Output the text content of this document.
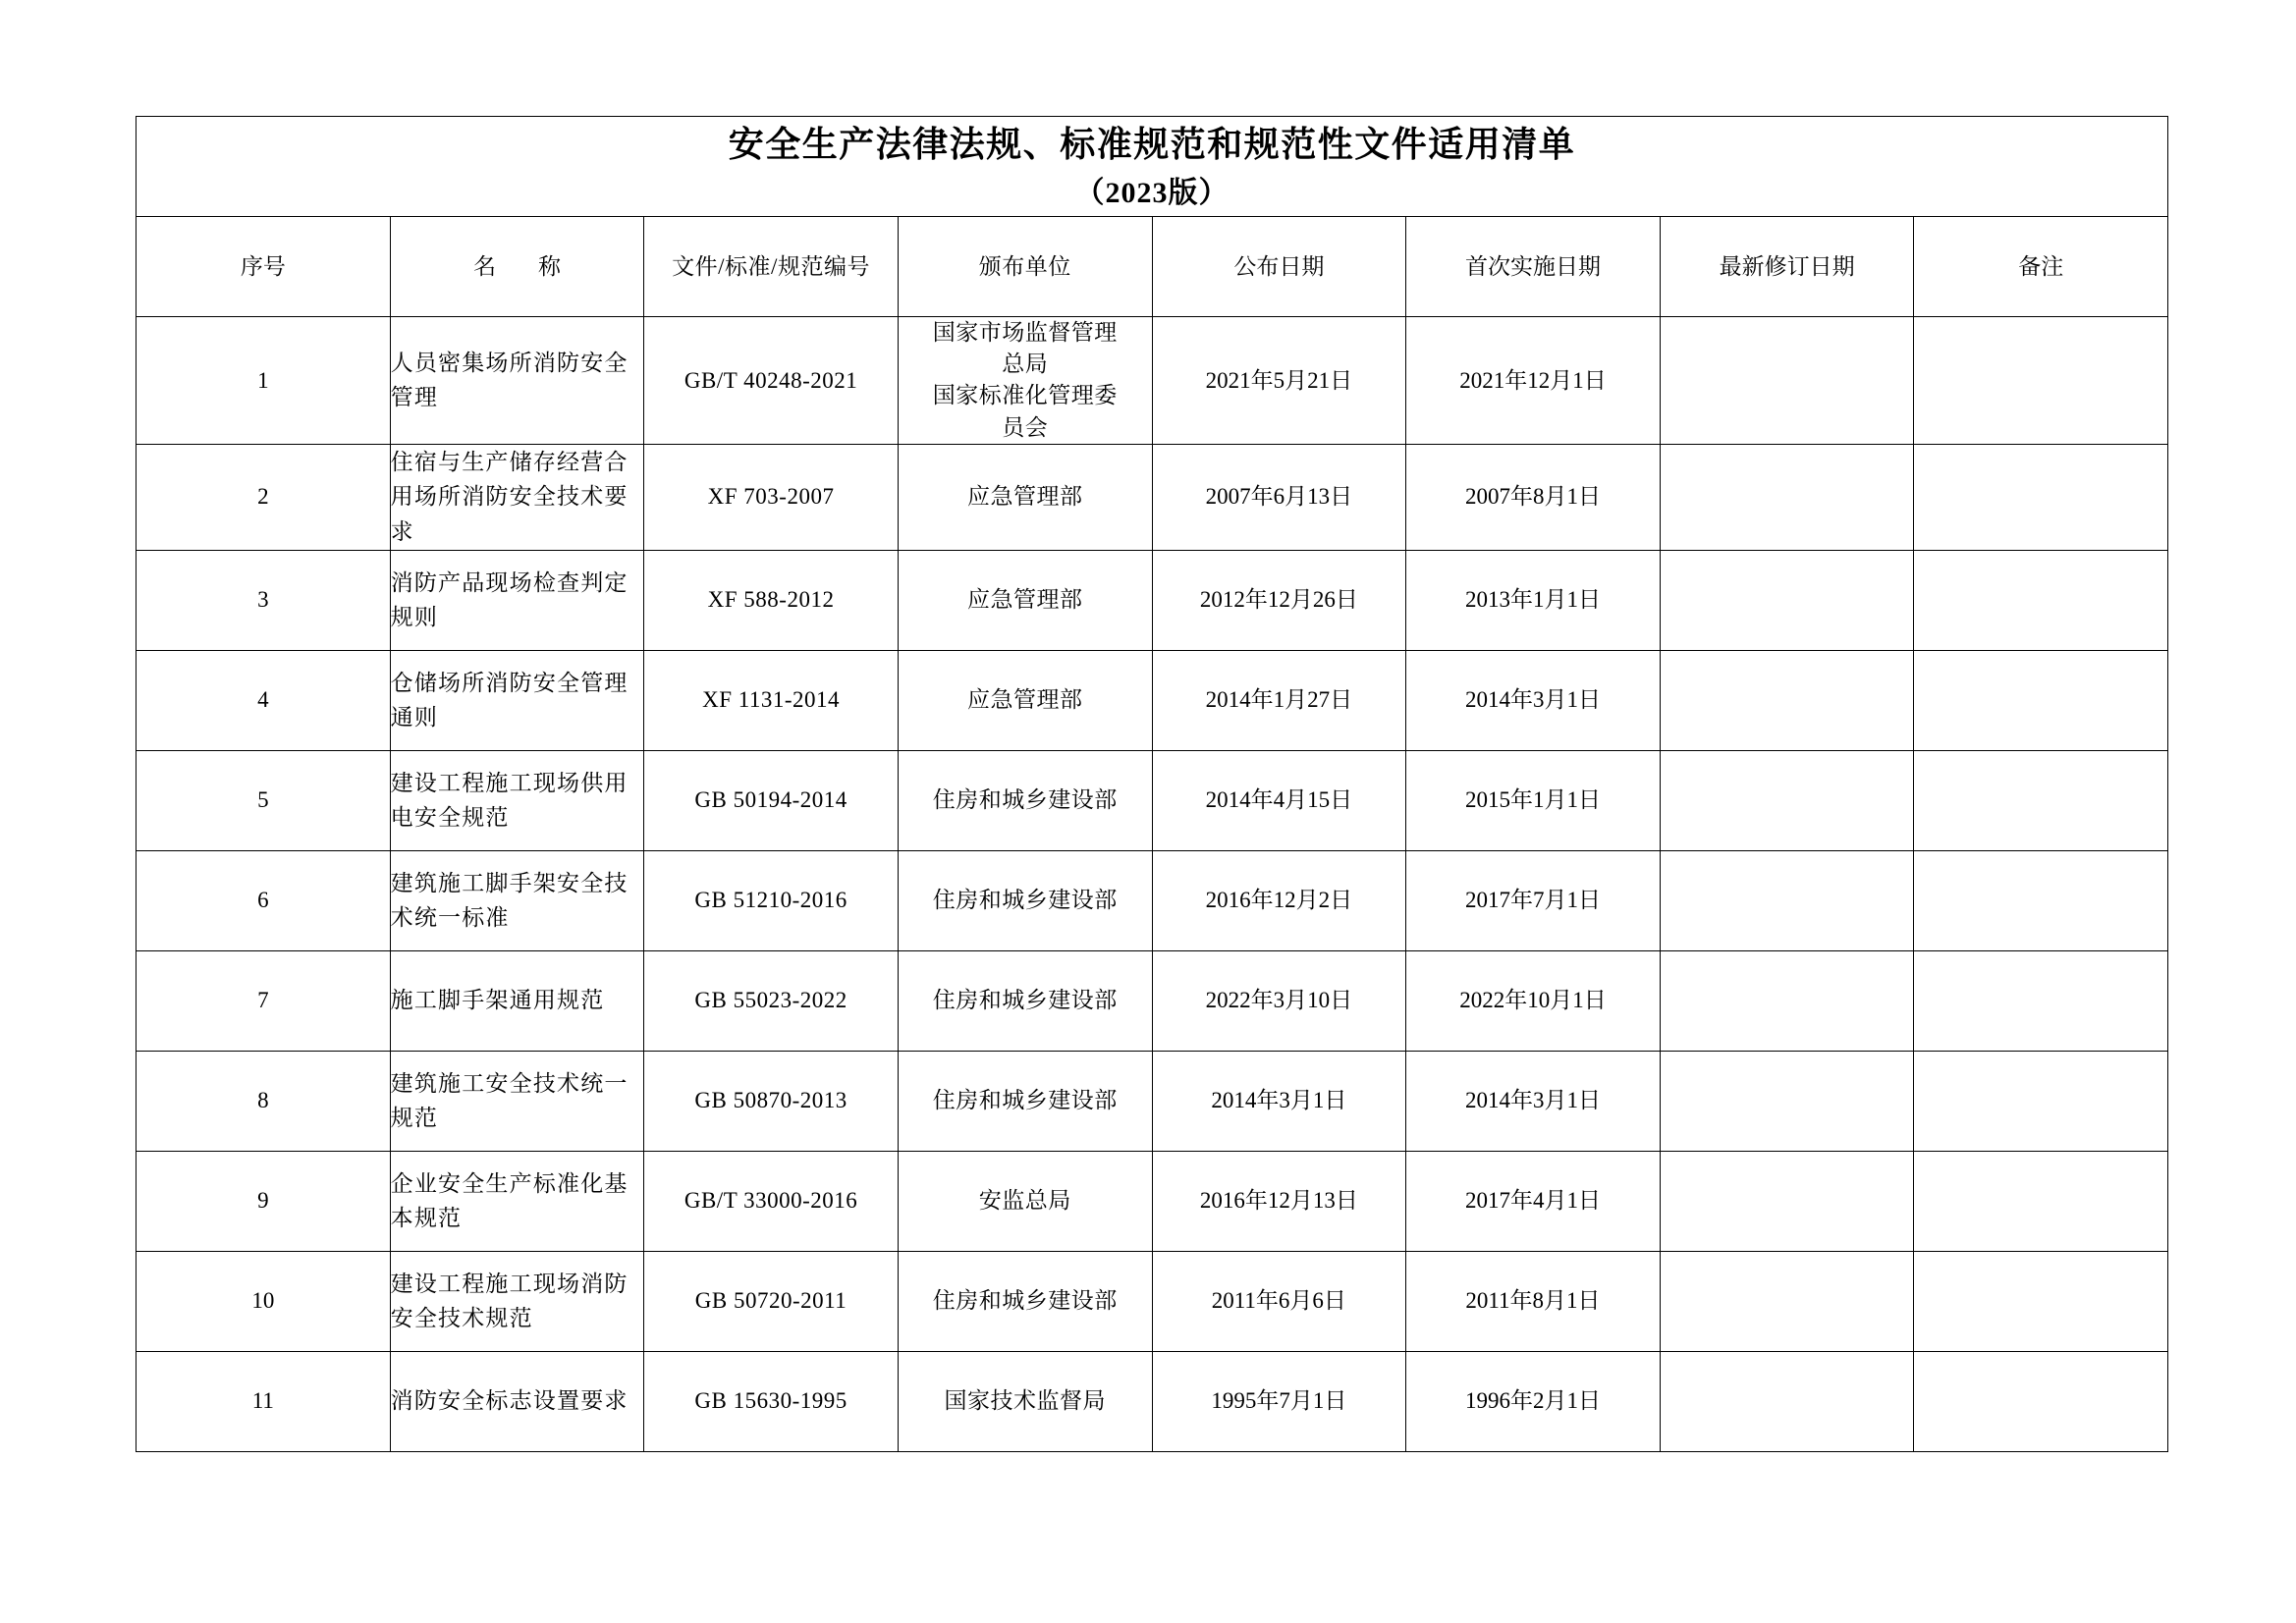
安全生产法律法规、标准规范和规范性文件适用清单
（2023版）							

序号	名　称	文件/标准/规范编号	颁布单位	公布日期	首次实施日期	最新修订日期	备注
1	人员密集场所消防安全管理	GB/T 40248-2021	国家市场监督管理
总局
国家标准化管理委
员会	2021年5月21日	2021年12月1日		
2	住宿与生产储存经营合用场所消防安全技术要求	XF 703-2007	应急管理部	2007年6月13日	2007年8月1日		
3	消防产品现场检查判定规则	XF 588-2012	应急管理部	2012年12月26日	2013年1月1日		
4	仓储场所消防安全管理通则	XF 1131-2014	应急管理部	2014年1月27日	2014年3月1日		
5	建设工程施工现场供用电安全规范	GB 50194-2014	住房和城乡建设部	2014年4月15日	2015年1月1日		
6	建筑施工脚手架安全技术统一标准	GB 51210-2016	住房和城乡建设部	2016年12月2日	2017年7月1日		
7	施工脚手架通用规范	GB 55023-2022	住房和城乡建设部	2022年3月10日	2022年10月1日		
8	建筑施工安全技术统一规范	GB 50870-2013	住房和城乡建设部	2014年3月1日	2014年3月1日		
9	企业安全生产标准化基本规范	GB/T 33000-2016	安监总局	2016年12月13日	2017年4月1日		
10	建设工程施工现场消防安全技术规范	GB 50720-2011	住房和城乡建设部	2011年6月6日	2011年8月1日		
11	消防安全标志设置要求	GB 15630-1995	国家技术监督局	1995年7月1日	1996年2月1日		
